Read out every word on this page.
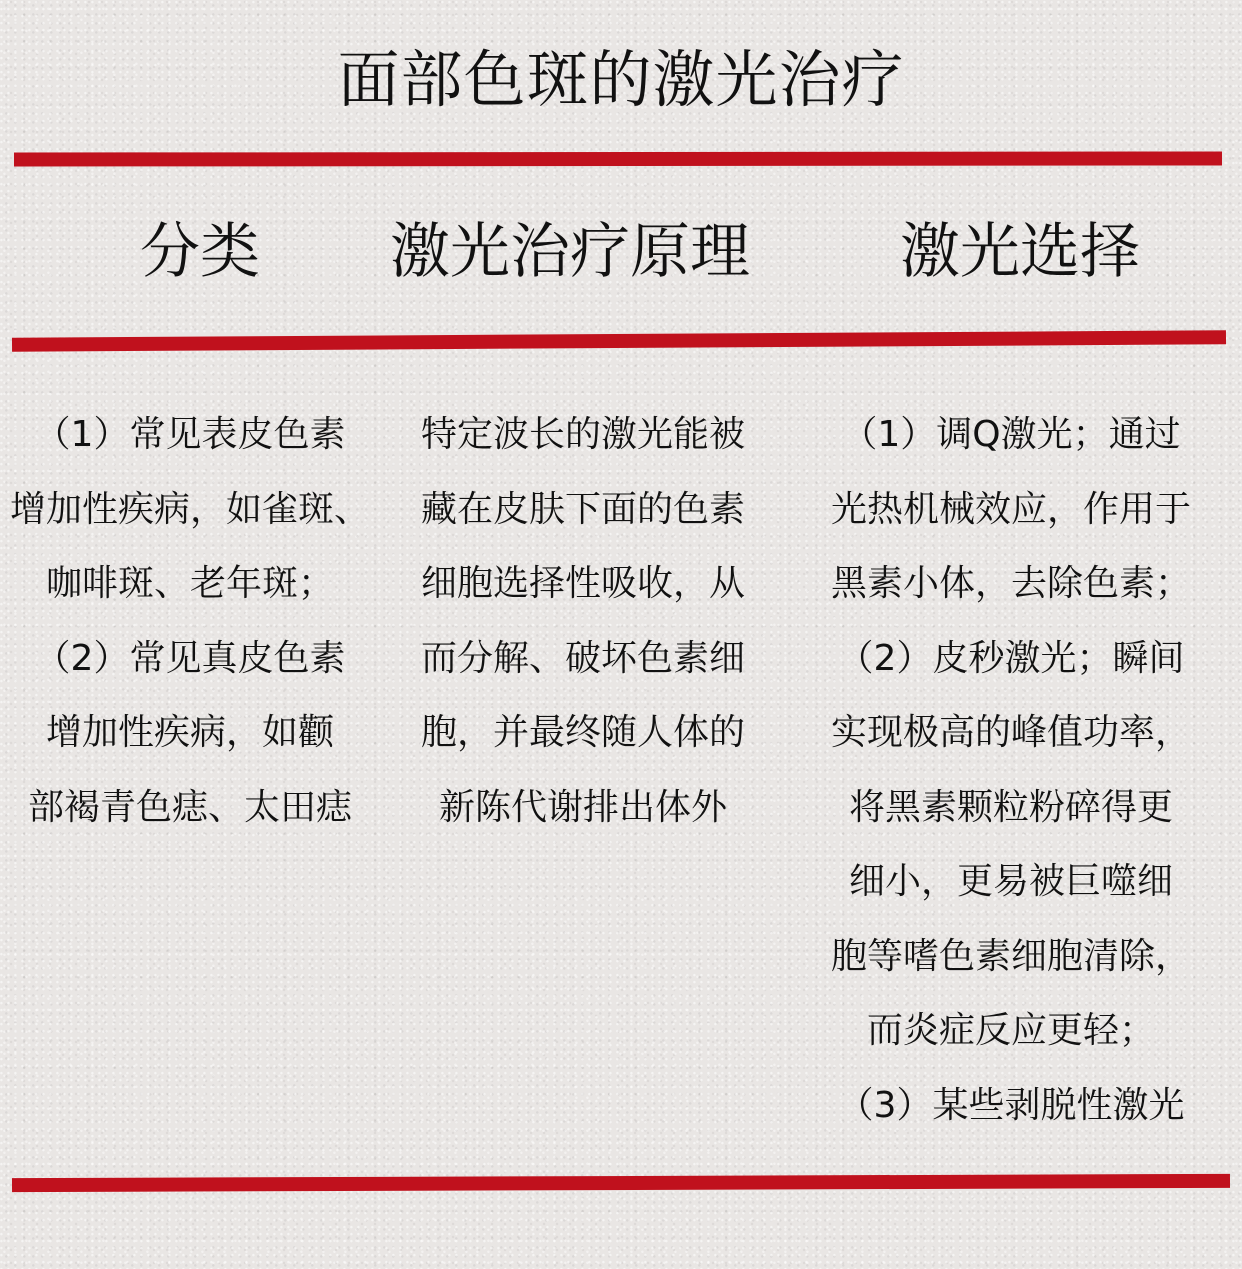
面部色斑的激光治疗
分类	激光治疗原理	激光选择
（1）常见表皮色素
增加性疾病，如雀斑、
咖啡斑、老年斑；
（2）常见真皮色素
增加性疾病，如颧
部褐青色痣、太田痣
特定波长的激光能被
藏在皮肤下面的色素
细胞选择性吸收，从
而分解、破坏色素细
胞，并最终随人体的
新陈代谢排出体外
（1）调Q激光；通过
光热机械效应，作用于
黑素小体，去除色素；
（2）皮秒激光；瞬间
实现极高的峰值功率，
将黑素颗粒粉碎得更
细小，更易被巨噬细
胞等嗜色素细胞清除，
而炎症反应更轻；
（3）某些剥脱性激光
